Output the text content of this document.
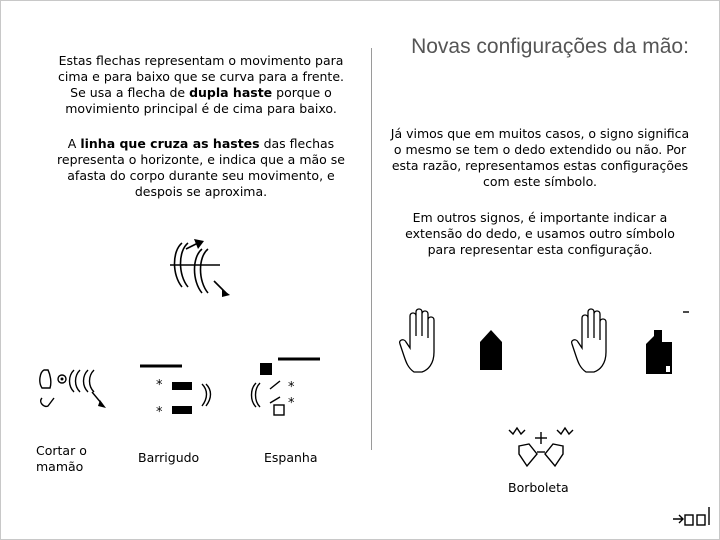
Estas flechas representam o movimento para cima e para baixo que se curva para a frente. Se usa a flecha de dupla haste porque o movimiento principal é de cima para baixo.
A linha que cruza as hastes das flechas representa o horizonte, e indica que a mão se afasta do corpo durante seu movimento, e despois se aproxima.
Novas configurações da mão:
Já vimos que em muitos casos, o signo significa o mesmo se tem o dedo extendido ou não. Por esta razão, representamos estas configurações com este símbolo.
Em outros signos, é importante indicar a extensão do dedo, e usamos outro símbolo para representar esta configuração.
Cortar o mamão
*
*
Barrigudo
*
*
Espanha
Borboleta
